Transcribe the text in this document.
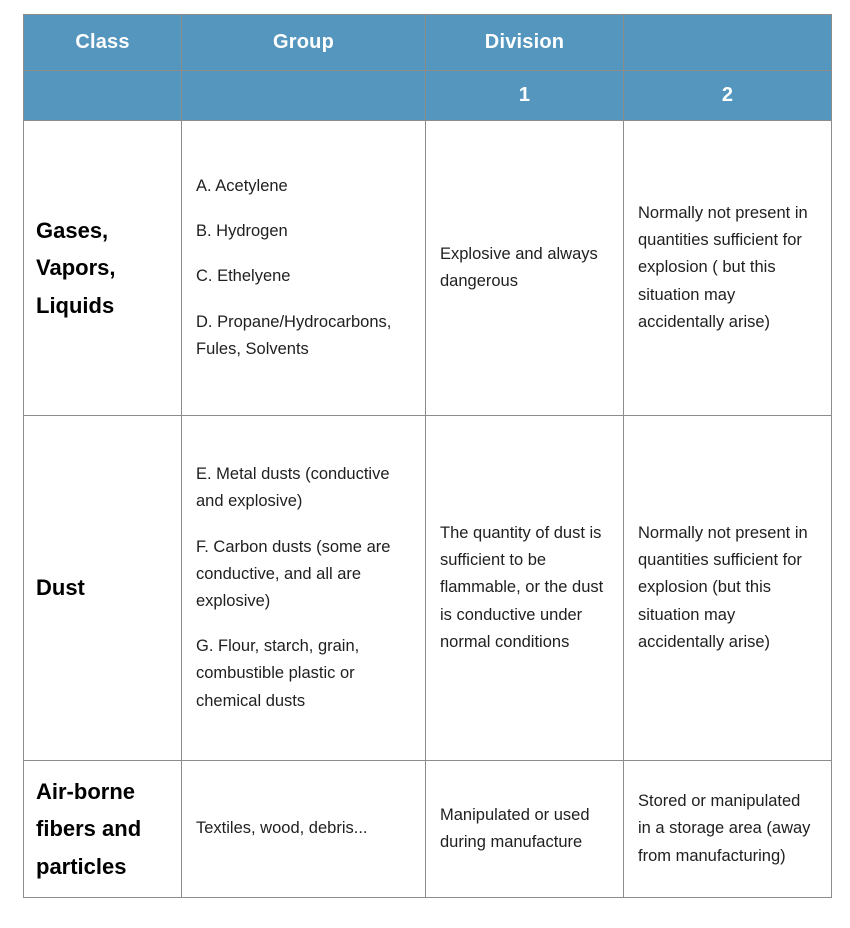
Class	Group	Division	
		1	2
Gases, Vapors, Liquids	A. Acetylene

B. Hydrogen

C. Ethelyene

D. Propane/Hydrocarbons, Fules, Solvents	Explosive and always dangerous	Normally not present in quantities sufficient for explosion ( but this situation may accidentally arise)

Dust	E. Metal dusts (conductive and explosive)

F. Carbon dusts (some are conductive, and all are explosive)

G. Flour, starch, grain, combustible plastic or chemical dusts	The quantity of dust is sufficient to be flammable, or the dust is conductive under normal conditions	Normally not present in quantities sufficient for explosion (but this situation may accidentally arise)

Air-borne fibers and particles	Textiles, wood, debris...	Manipulated or used during manufacture	Stored or manipulated in a storage area (away from manufacturing)
